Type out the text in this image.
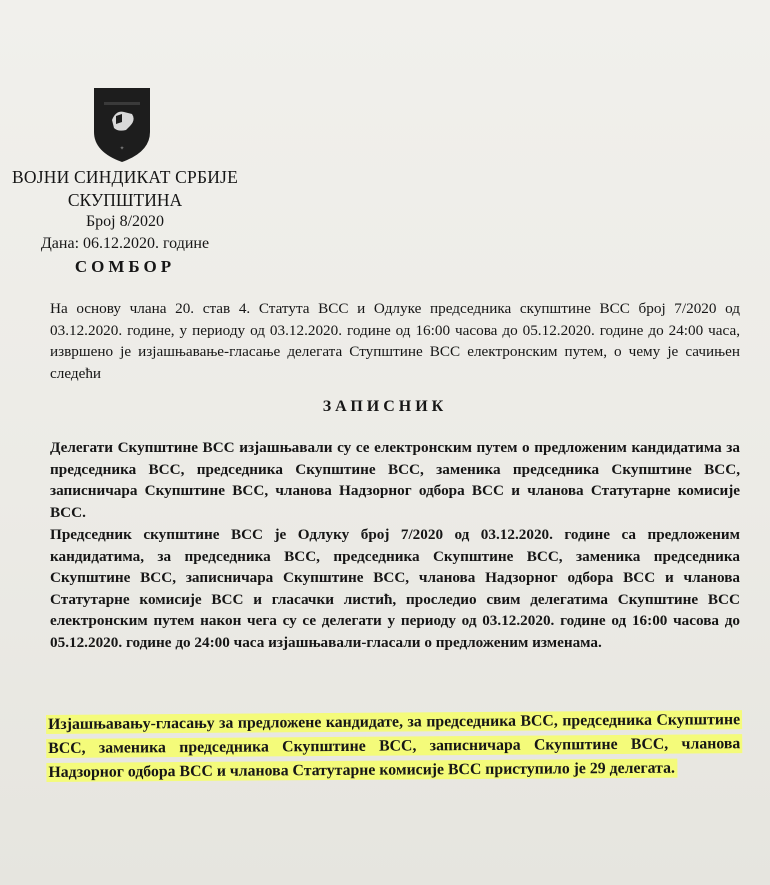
✦
ВОЈНИ СИНДИКАТ СРБИЈЕ
СКУПШТИНА
Број 8/2020
Дана: 06.12.2020. године
СОМБОР
На основу члана 20. став 4. Статута ВСС и Одлуке председника скупштине ВСС број 7/2020 од 03.12.2020. године, у периоду од 03.12.2020. године од 16:00 часова до 05.12.2020. године до 24:00 часа, извршено је изјашњавање-гласање делегата Ступштине ВСС електронским путем, о чему је сачињен следећи
ЗАПИСНИК
Делегати Скупштине ВСС изјашњавали су се електронским путем о предложеним кандидатима за председника ВСС, председника Скупштине ВСС, заменика председника Скупштине ВСС, записничара Скупштине ВСС, чланова Надзорног одбора ВСС и чланова Статутарне комисије ВСС.
Председник скупштине ВСС је Одлуку број 7/2020 од 03.12.2020. године са предложеним кандидатима, за председника ВСС, председника Скупштине ВСС, заменика председника Скупштине ВСС, записничара Скупштине ВСС, чланова Надзорног одбора ВСС и чланова Статутарне комисије ВСС и гласачки листић, проследио свим делегатима Скупштине ВСС електронским путем након чега су се делегати у периоду од 03.12.2020. године од 16:00 часова до 05.12.2020. године до 24:00 часа изјашњавали-гласали о предложеним изменама.
Изјашњавању-гласању за предложене кандидате, за председника ВСС, председника Скупштине ВСС, заменика председника Скупштине ВСС, записничара Скупштине ВСС, чланова Надзорног одбора ВСС и чланова Статутарне комисије ВСС приступило је 29 делегата.
